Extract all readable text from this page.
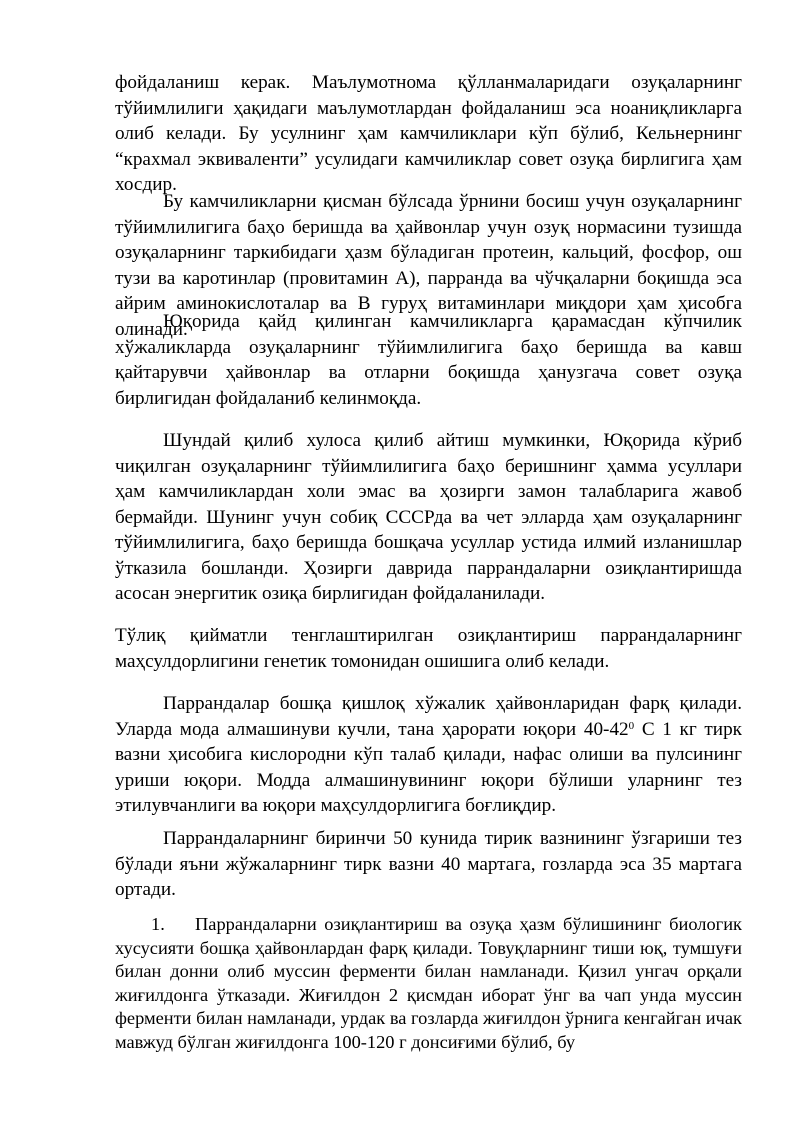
фойдаланиш керак. Маълумотнома қўлланмаларидаги озуқаларнинг тўйимлилиги ҳақидаги маълумотлардан фойдаланиш эса ноаниқликларга олиб келади. Бу усулнинг ҳам камчиликлари кўп бўлиб, Кельнернинг “крахмал эквиваленти” усулидаги камчиликлар совет озуқа бирлигига ҳам хосдир.

Бу камчиликларни қисман бўлсада ўрнини босиш учун озуқаларнинг тўйимлилигига баҳо беришда ва ҳайвонлар учун озуқ нормасини тузишда озуқаларнинг таркибидаги ҳазм бўладиган протеин, кальций, фосфор, ош тузи ва каротинлар (провитамин А), парранда ва чўчқаларни боқишда эса айрим аминокислоталар ва В гуруҳ витаминлари миқдори ҳам ҳисобга олинади.

Юқорида қайд қилинган камчиликларга қарамасдан кўпчилик хўжаликларда озуқаларнинг тўйимлилигига баҳо беришда ва кавш қайтарувчи ҳайвонлар ва отларни боқишда ҳанузгача совет озуқа бирлигидан фойдаланиб келинмоқда.

Шундай қилиб хулоса қилиб айтиш мумкинки, Юқорида кўриб чиқилган озуқаларнинг тўйимлилигига баҳо беришнинг ҳамма усуллари ҳам камчиликлардан холи эмас ва ҳозирги замон талабларига жавоб бермайди. Шунинг учун собиқ СССРда ва чет элларда ҳам озуқаларнинг тўйимлилигига, баҳо беришда бошқача усуллар устида илмий изланишлар ўтказила бошланди. Ҳозирги даврида паррандаларни озиқлантиришда асосан энергитик озиқа бирлигидан фойдаланилади.

Тўлиқ қийматли тенглаштирилган озиқлантириш паррандаларнинг маҳсулдорлигини генетик томонидан ошишига олиб келади.

Паррандалар бошқа қишлоқ хўжалик ҳайвонларидан фарқ қилади. Уларда мода алмашинуви кучли, тана ҳарорати юқори $40-42^0$ С 1 кг тирк вазни ҳисобига кислородни кўп талаб қилади, нафас олиши ва пулсининг уриши юқори. Модда алмашинувининг юқори бўлиши уларнинг тез этилувчанлиги ва юқори маҳсулдорлигига боғлиқдир.

Паррандаларнинг биринчи 50 кунида тирик вазнининг ўзгариши тез бўлади яъни жўжаларнинг тирк вазни 40 мартага, гозларда эса 35 мартага ортади.

1. Паррандаларни озиқлантириш ва озуқа ҳазм бўлишининг биологик хусусияти бошқа ҳайвонлардан фарқ қилади. Товуқларнинг тиши юқ, тумшуғи билан донни олиб муссин ферменти билан намланади. Қизил унгач орқали жиғилдонга ўтказади. Жиғилдон 2 қисмдан иборат ўнг ва чап унда муссин ферменти билан намланади, урдак ва гозларда жиғилдон ўрнига кенгайган ичак мавжуд бўлган жиғилдонга 100-120 г донсиғими бўлиб, бу
